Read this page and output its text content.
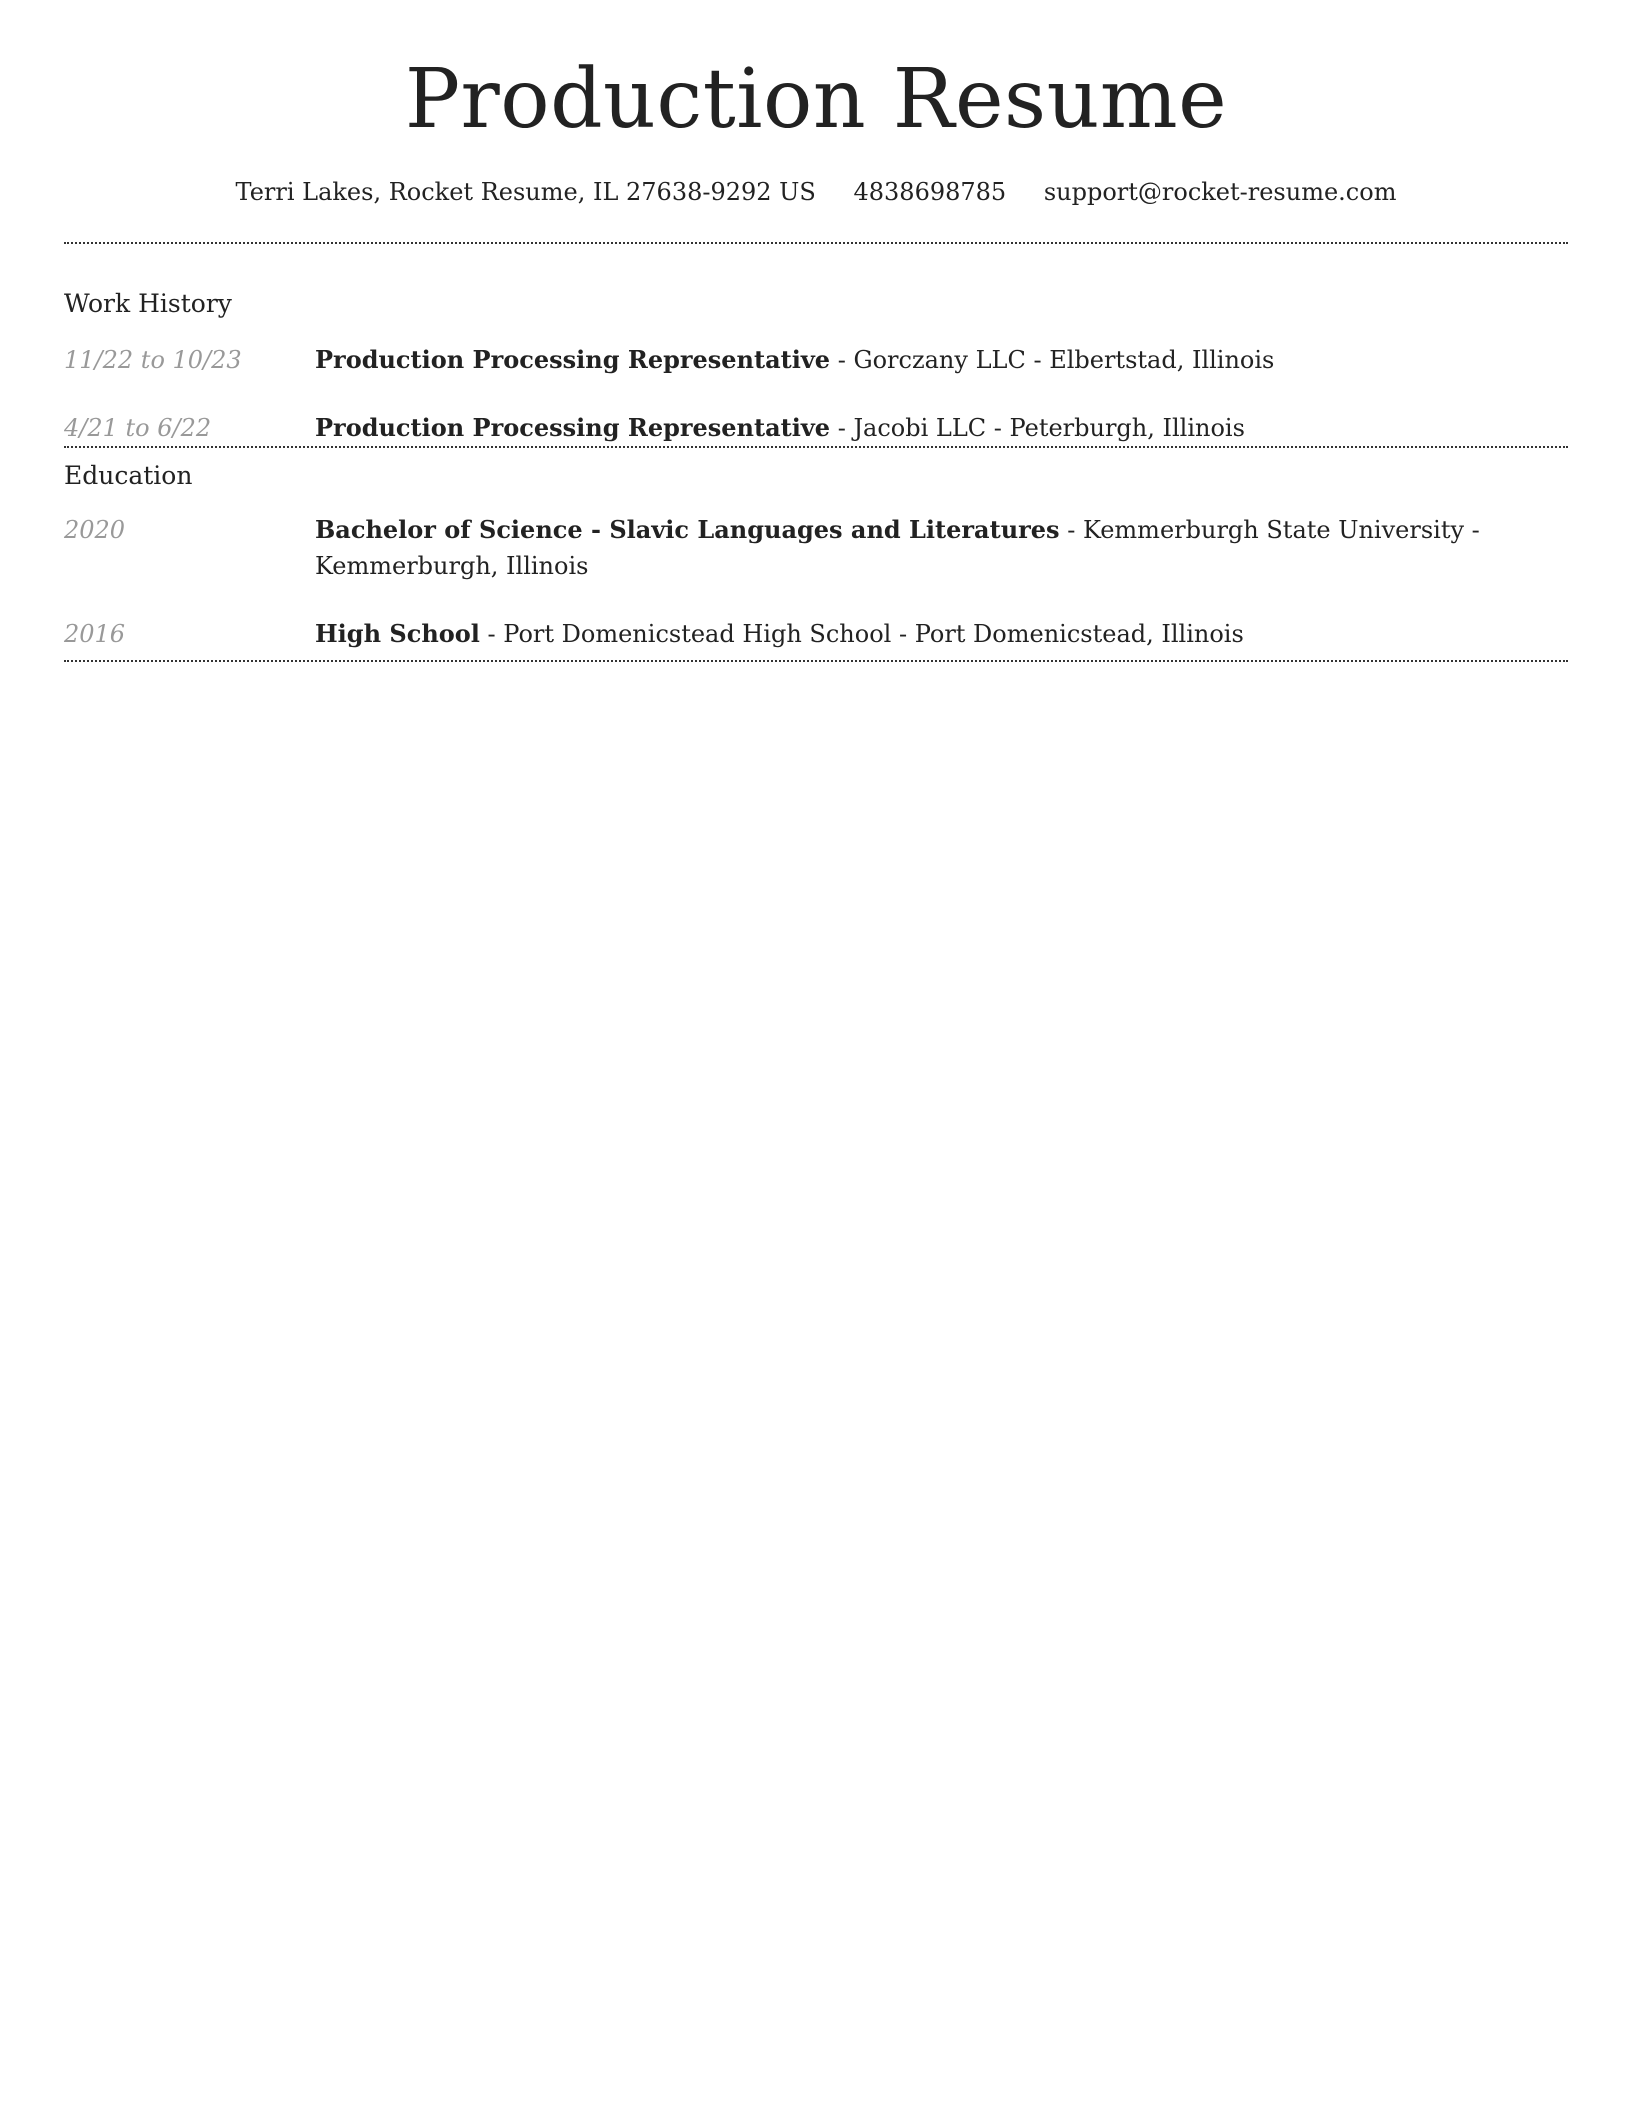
Production Resume
Terri Lakes, Rocket Resume, IL 27638-9292 US 4838698785 support@rocket-resume.com
Work History
11/22 to 10/23	Production Processing Representative - Gorczany LLC - Elbertstad, Illinois
4/21 to 6/22	Production Processing Representative - Jacobi LLC - Peterburgh, Illinois
Education
2020	Bachelor of Science - Slavic Languages and Literatures - Kemmerburgh State University - Kemmerburgh, Illinois
2016	High School - Port Domenicstead High School - Port Domenicstead, Illinois
